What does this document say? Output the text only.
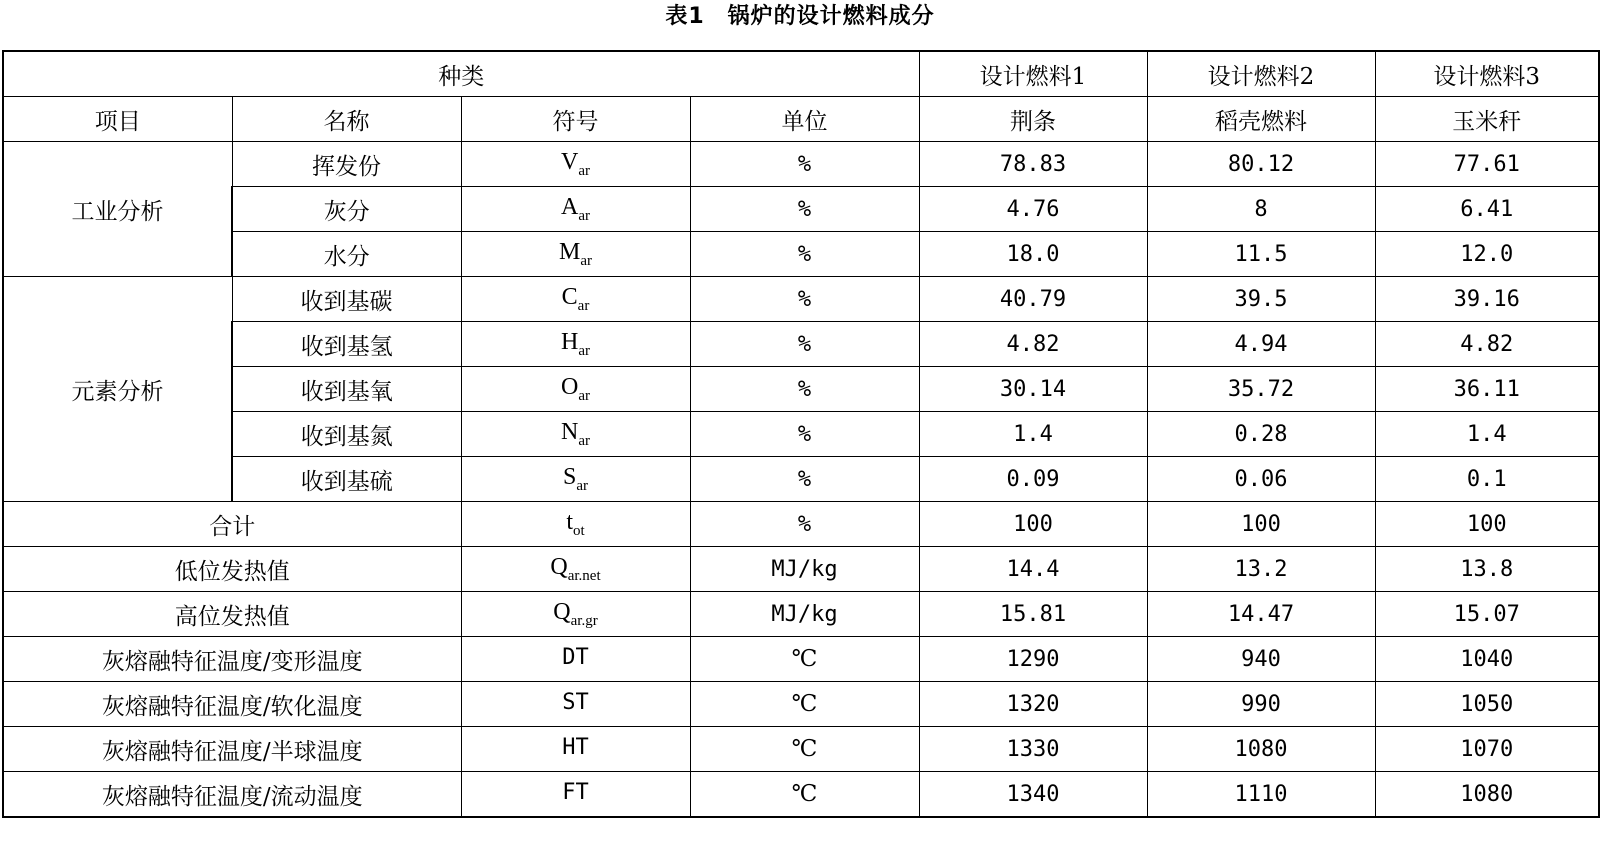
表1　锅炉的设计燃料成分
种类				设计燃料1	设计燃料2	设计燃料3
项目	名称	符号	单位	荆条	稻壳燃料	玉米秆
工业分析	挥发份	$V_{ar}$	%	78.83	80.12	77.61
	灰分	$A_{ar}$	%	4.76	8	6.41
	水分	$M_{ar}$	%	18.0	11.5	12.0
元素分析	收到基碳	$C_{ar}$	%	40.79	39.5	39.16
	收到基氢	$H_{ar}$	%	4.82	4.94	4.82
	收到基氧	$O_{ar}$	%	30.14	35.72	36.11
	收到基氮	$N_{ar}$	%	1.4	0.28	1.4
	收到基硫	$S_{ar}$	%	0.09	0.06	0.1
合计		$t_{ot}$	%	100	100	100
低位发热值		$Q_{ar.net}$	MJ/kg	14.4	13.2	13.8
高位发热值		$Q_{ar.gr}$	MJ/kg	15.81	14.47	15.07
灰熔融特征温度/变形温度		DT	℃	1290	940	1040
灰熔融特征温度/软化温度		ST	℃	1320	990	1050
灰熔融特征温度/半球温度		HT	℃	1330	1080	1070
灰熔融特征温度/流动温度		FT	℃	1340	1110	1080
